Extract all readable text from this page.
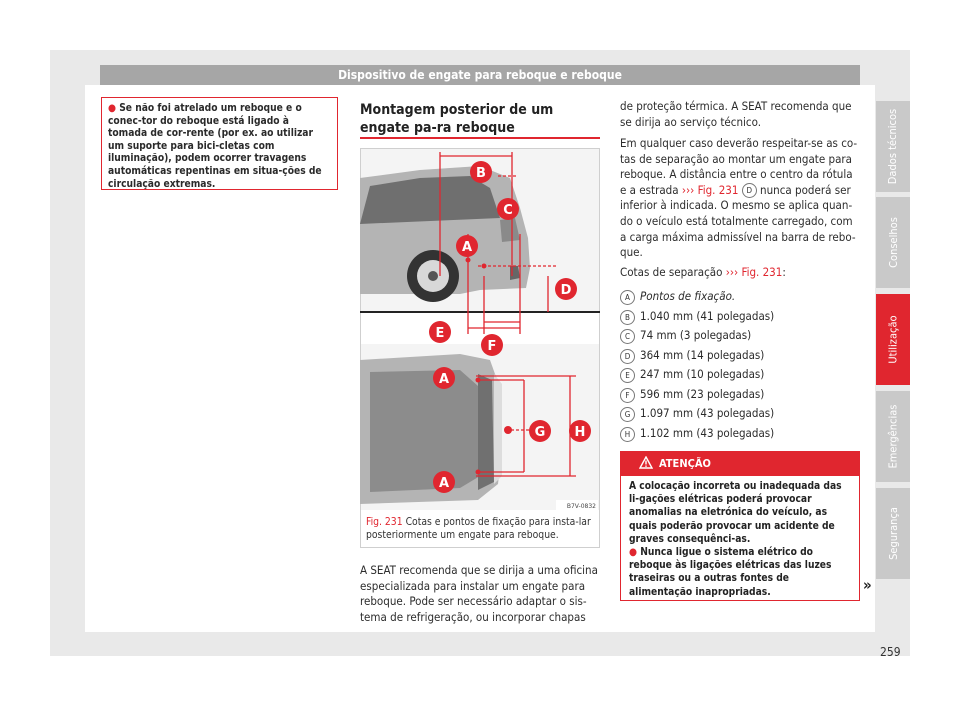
Dispositivo de engate para reboque e reboque
● Se não foi atrelado um reboque e o conec-tor do reboque está ligado à tomada de cor-rente (por ex. ao utilizar um suporte para bici-cletas com iluminação), podem ocorrer travagens automáticas repentinas em situa-ções de circulação extremas.
Montagem posterior de um engate pa-ra reboque
B
C
A
D
E
F
A
G H
A
B7V-0832
Fig. 231 Cotas e pontos de fixação para insta-lar posteriormente um engate para reboque.
A SEAT recomenda que se dirija a uma oficina especializada para instalar um engate para reboque. Pode ser necessário adaptar o sis-tema de refrigeração, ou incorporar chapas
de proteção térmica. A SEAT recomenda que se dirija ao serviço técnico.
Em qualquer caso deverão respeitar-se as co-tas de separação ao montar um engate para reboque. A distância entre o centro da rótula e a estrada ››› Fig. 231 D nunca poderá ser inferior à indicada. O mesmo se aplica quan-do o veículo está totalmente carregado, com a carga máxima admissível na barra de rebo-que.
Cotas de separação ››› Fig. 231:
A Pontos de fixação.
B 1.040 mm (41 polegadas)
C 74 mm (3 polegadas)
D 364 mm (14 polegadas)
E 247 mm (10 polegadas)
F 596 mm (23 polegadas)
G 1.097 mm (43 polegadas)
H 1.102 mm (43 polegadas)
ATENÇÃO
A colocação incorreta ou inadequada das li-gações elétricas poderá provocar anomalias na eletrónica do veículo, as quais poderão provocar um acidente de graves consequênci-as.
● Nunca ligue o sistema elétrico do reboque às ligações elétricas das luzes traseiras ou a outras fontes de alimentação inapropriadas.	»
Dados técnicos
Conselhos
Utilização
Emergências
Segurança
259
